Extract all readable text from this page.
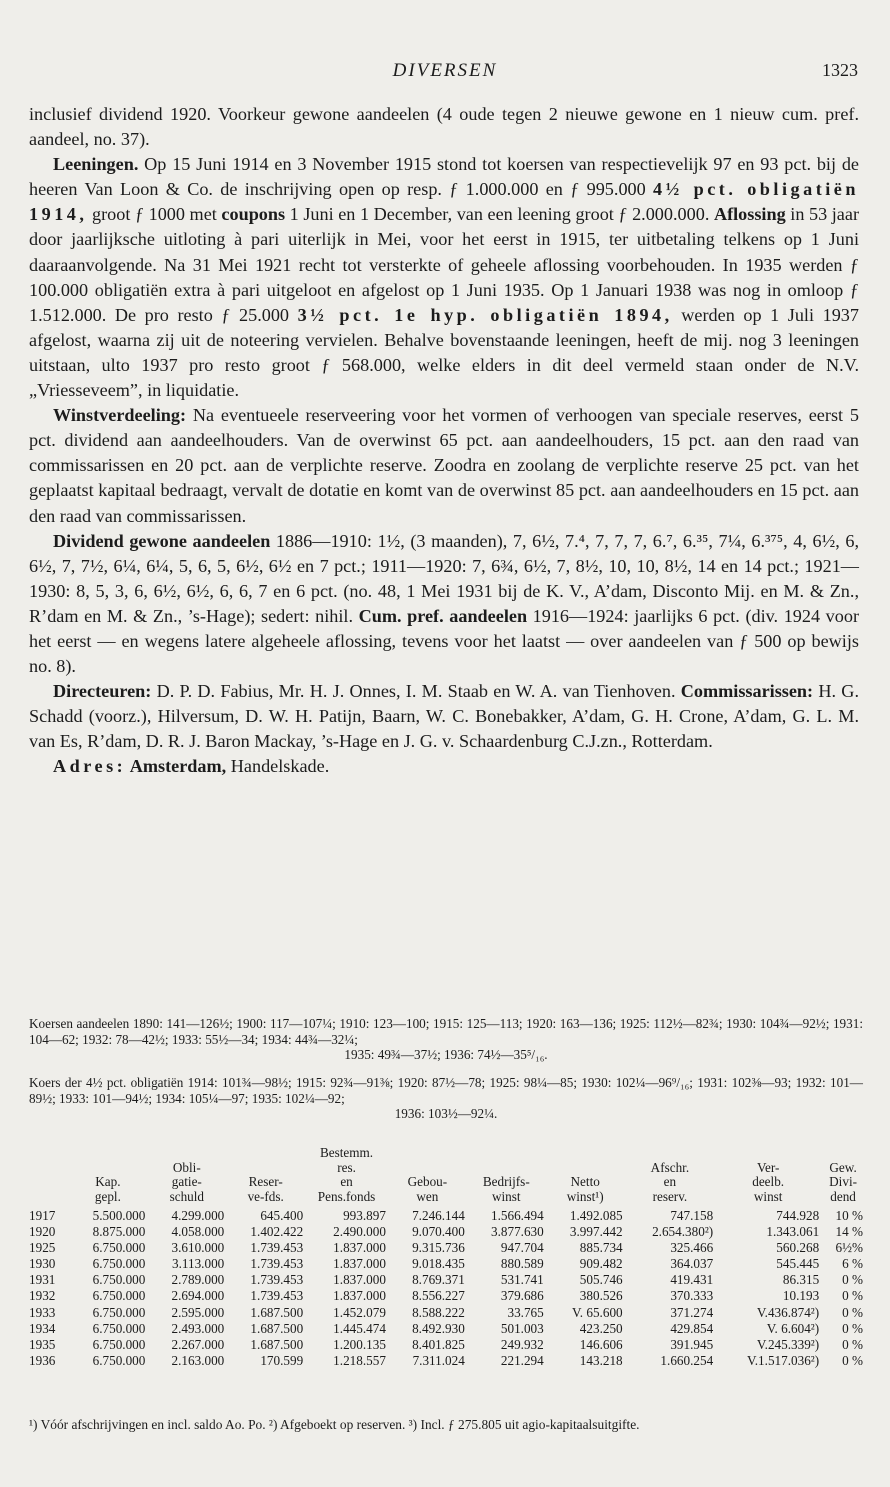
DIVERSEN	1323

inclusief dividend 1920. Voorkeur gewone aandeelen (4 oude tegen 2 nieuwe gewone en 1 nieuw cum. pref. aandeel, no. 37).

Leeningen. Op 15 Juni 1914 en 3 November 1915 stond tot koersen van respectievelijk 97 en 93 pct. bij de heeren Van Loon & Co. de inschrijving open op resp. ƒ 1.000.000 en ƒ 995.000 4½ pct. obligatiën 1914, groot ƒ 1000 met coupons 1 Juni en 1 December, van een leening groot ƒ 2.000.000. Aflossing in 53 jaar door jaarlijksche uitloting à pari uiterlijk in Mei, voor het eerst in 1915, ter uitbetaling telkens op 1 Juni daaraanvolgende. Na 31 Mei 1921 recht tot versterkte of geheele aflossing voorbehouden. In 1935 werden ƒ 100.000 obligatiën extra à pari uitgeloot en afgelost op 1 Juni 1935. Op 1 Januari 1938 was nog in omloop ƒ 1.512.000. De pro resto ƒ 25.000 3½ pct. 1e hyp. obligatiën 1894, werden op 1 Juli 1937 afgelost, waarna zij uit de noteering vervielen. Behalve bovenstaande leeningen, heeft de mij. nog 3 leeningen uitstaan, ulto 1937 pro resto groot ƒ 568.000, welke elders in dit deel vermeld staan onder de N.V. „Vriesseveem”, in liquidatie.

Winstverdeeling: Na eventueele reserveering voor het vormen of verhoogen van speciale reserves, eerst 5 pct. dividend aan aandeelhouders. Van de overwinst 65 pct. aan aandeelhouders, 15 pct. aan den raad van commissarissen en 20 pct. aan de verplichte reserve. Zoodra en zoolang de verplichte reserve 25 pct. van het geplaatst kapitaal bedraagt, vervalt de dotatie en komt van de overwinst 85 pct. aan aandeelhouders en 15 pct. aan den raad van commissarissen.

Dividend gewone aandeelen 1886—1910: 1½, (3 maanden), 7, 6½, 7.⁴, 7, 7, 7, 6.⁷, 6.³⁵, 7¼, 6.³⁷⁵, 4, 6½, 6, 6½, 7, 7½, 6¼, 6¼, 5, 6, 5, 6½, 6½ en 7 pct.; 1911—1920: 7, 6¾, 6½, 7, 8½, 10, 10, 8½, 14 en 14 pct.; 1921—1930: 8, 5, 3, 6, 6½, 6½, 6, 6, 7 en 6 pct. (no. 48, 1 Mei 1931 bij de K. V., A’dam, Disconto Mij. en M. & Zn., R’dam en M. & Zn., ’s-Hage); sedert: nihil. Cum. pref. aandeelen 1916—1924: jaarlijks 6 pct. (div. 1924 voor het eerst — en wegens latere algeheele aflossing, tevens voor het laatst — over aandeelen van ƒ 500 op bewijs no. 8).

Directeuren: D. P. D. Fabius, Mr. H. J. Onnes, I. M. Staab en W. A. van Tienhoven. Commissarissen: H. G. Schadd (voorz.), Hilversum, D. W. H. Patijn, Baarn, W. C. Bonebakker, A’dam, G. H. Crone, A’dam, G. L. M. van Es, R’dam, D. R. J. Baron Mackay, ’s-Hage en J. G. v. Schaardenburg C.J.zn., Rotterdam.

Adres: Amsterdam, Handelskade.

Koersen aandeelen 1890: 141—126½; 1900: 117—107¼; 1910: 123—100; 1915: 125—113; 1920: 163—136; 1925: 112½—82¾; 1930: 104¾—92½; 1931: 104—62; 1932: 78—42½; 1933: 55½—34; 1934: 44¾—32¼;
1935: 49¾—37½; 1936: 74½—35⁵/₁₆.
Koers der 4½ pct. obligatiën 1914: 101¾—98½; 1915: 92¾—91⅜; 1920: 87½—78; 1925: 98¼—85; 1930: 102¼—96⁹/₁₆; 1931: 102⅜—93; 1932: 101—89½; 1933: 101—94½; 1934: 105¼—97; 1935: 102¼—92;
1936: 103½—92¼.
	Kap.
gepl.	Obli-
gatie-
schuld	Reser-
ve-fds.	Bestemm.
res.
en
Pens.fonds	Gebou-
wen	Bedrijfs-
winst	Netto
winst¹)	Afschr.
en
reserv.	Ver-
deelb.
winst	Gew.
Divi-
dend
1917	5.500.000	4.299.000	645.400	993.897	7.246.144	1.566.494	1.492.085	747.158	744.928	10 %
1920	8.875.000	4.058.000	1.402.422	2.490.000	9.070.400	3.877.630	3.997.442	2.654.380²)	1.343.061	14 %
1925	6.750.000	3.610.000	1.739.453	1.837.000	9.315.736	947.704	885.734	325.466	560.268	6½%
1930	6.750.000	3.113.000	1.739.453	1.837.000	9.018.435	880.589	909.482	364.037	545.445	6 %
1931	6.750.000	2.789.000	1.739.453	1.837.000	8.769.371	531.741	505.746	419.431	86.315	0 %
1932	6.750.000	2.694.000	1.739.453	1.837.000	8.556.227	379.686	380.526	370.333	10.193	0 %
1933	6.750.000	2.595.000	1.687.500	1.452.079	8.588.222	33.765	V. 65.600	371.274	V.436.874²)	0 %
1934	6.750.000	2.493.000	1.687.500	1.445.474	8.492.930	501.003	423.250	429.854	V. 6.604²)	0 %
1935	6.750.000	2.267.000	1.687.500	1.200.135	8.401.825	249.932	146.606	391.945	V.245.339²)	0 %
1936	6.750.000	2.163.000	170.599	1.218.557	7.311.024	221.294	143.218	1.660.254	V.1.517.036²)	0 %
¹) Vóór afschrijvingen en incl. saldo Ao. Po. ²) Afgeboekt op reserven. ³) Incl. ƒ 275.805 uit agio-kapitaalsuitgifte.
